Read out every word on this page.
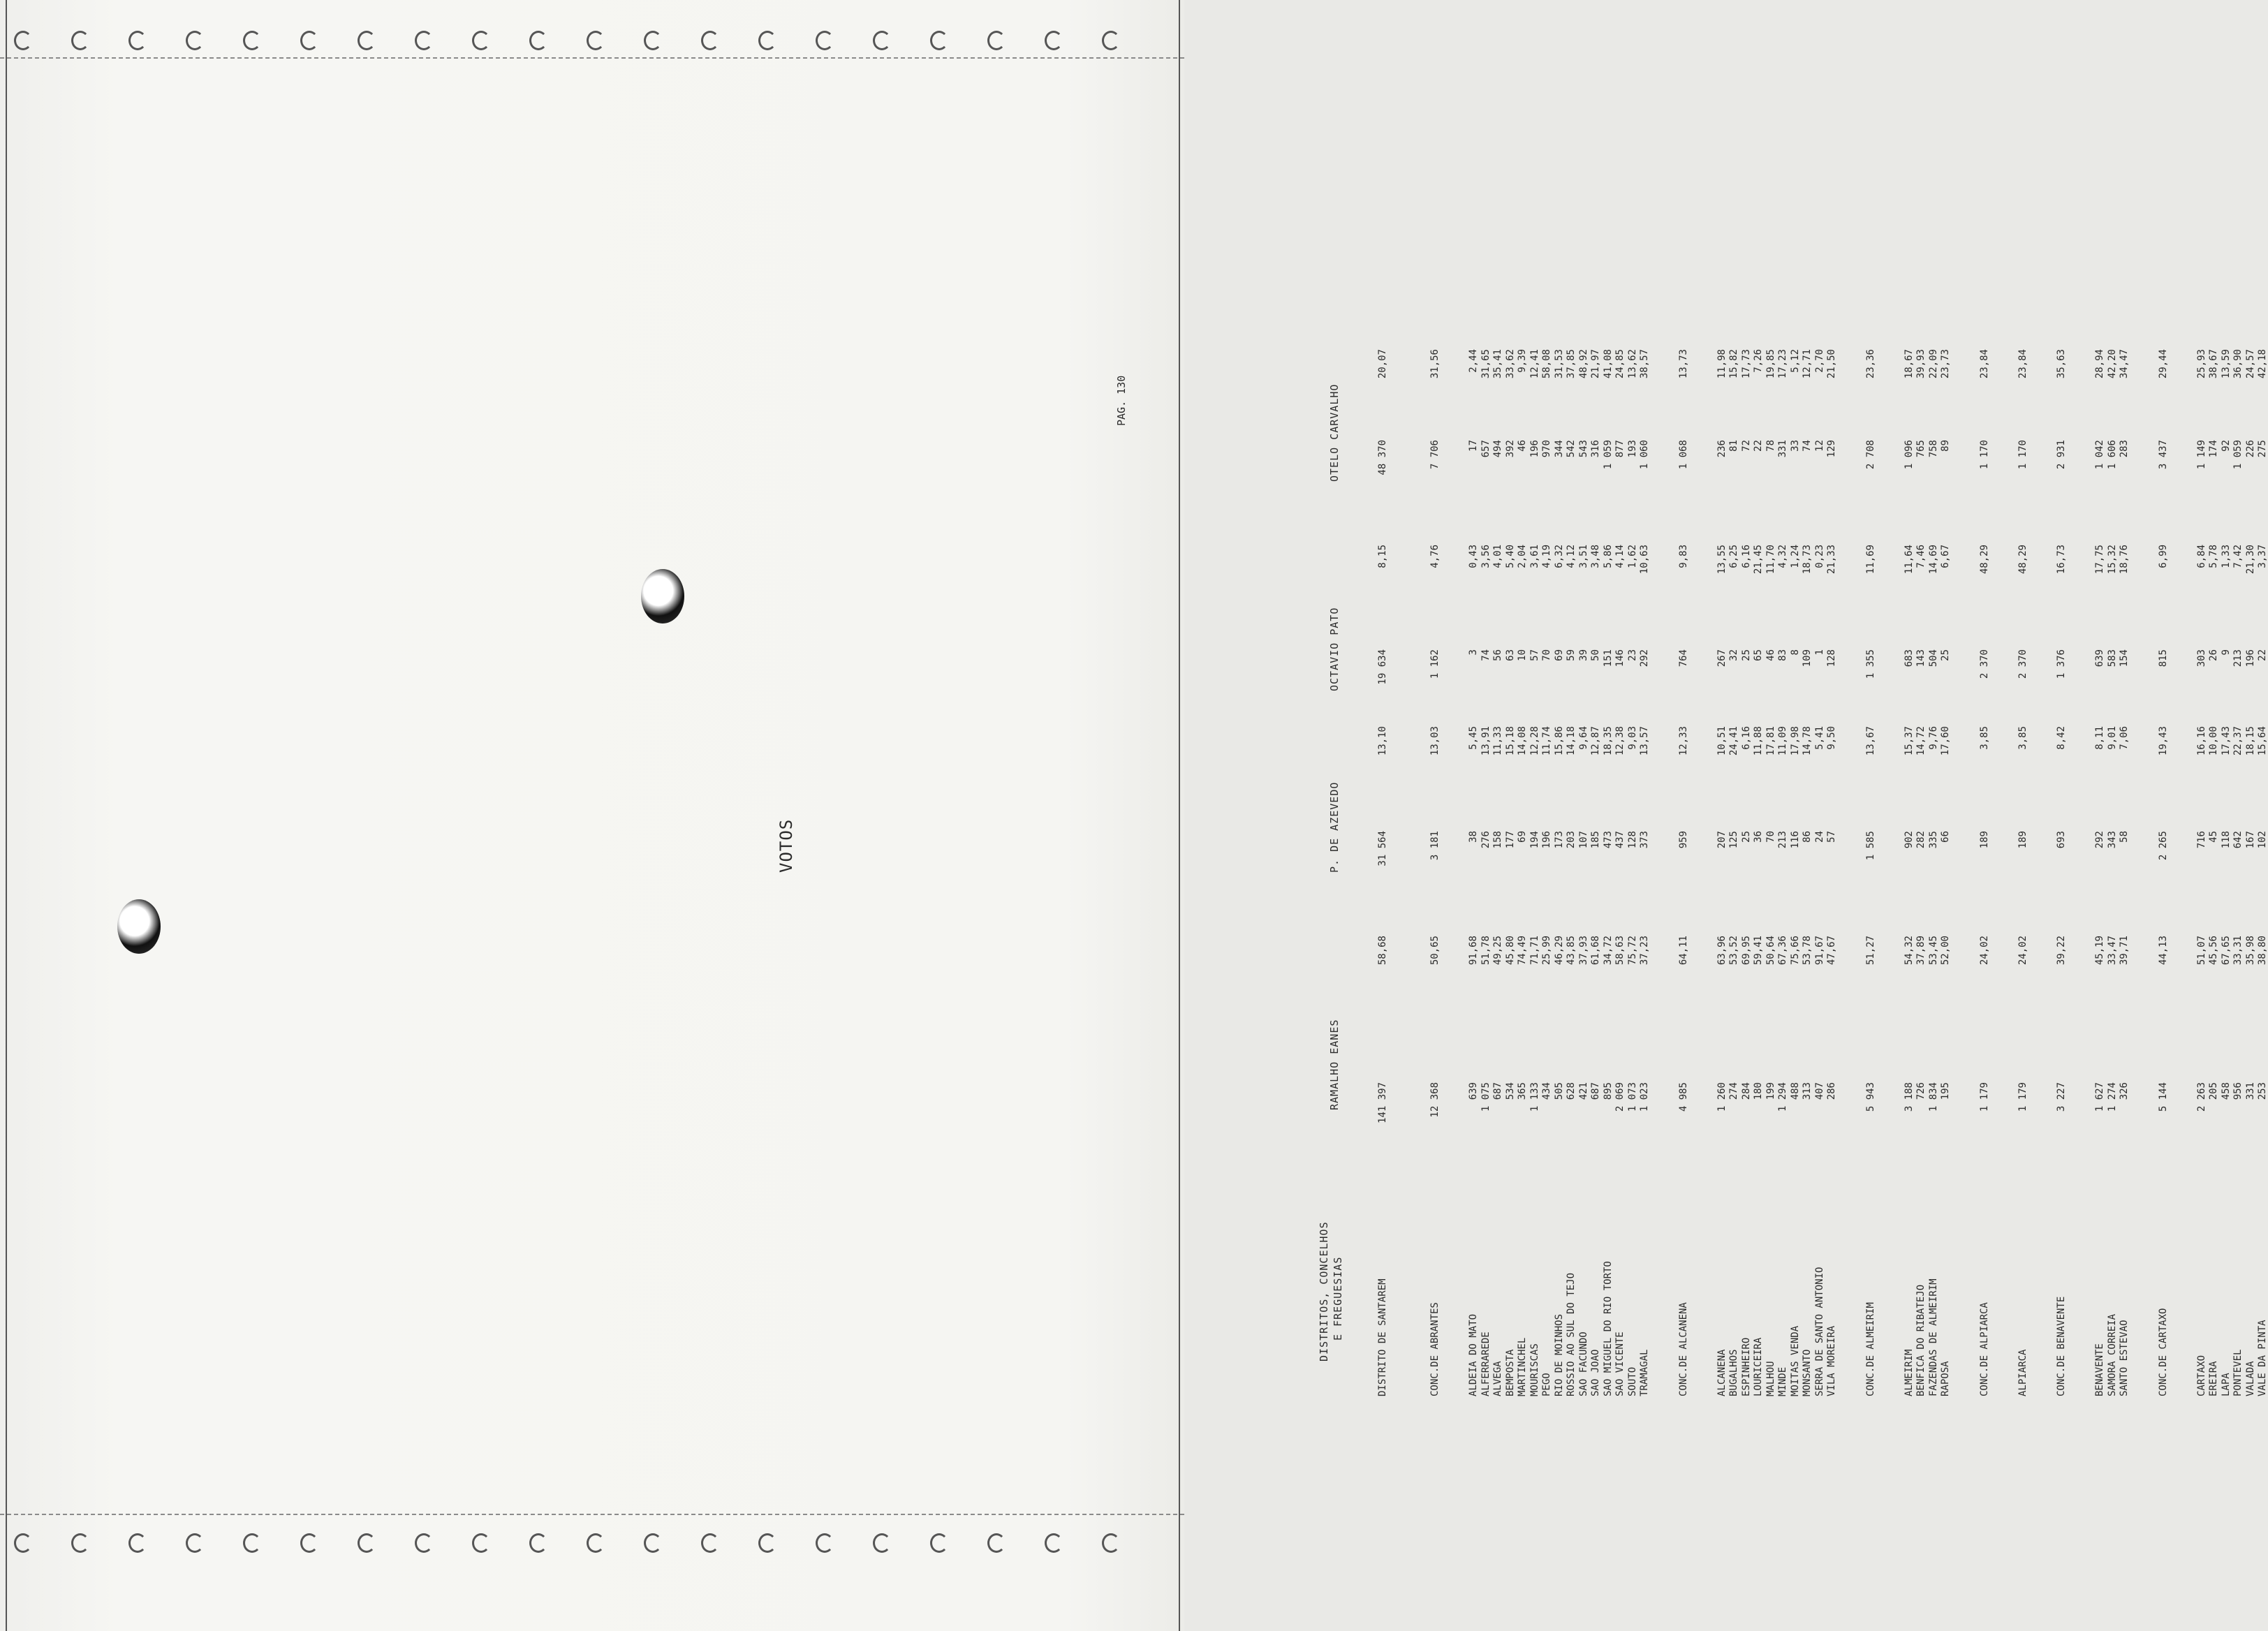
PAG. 130
DISTRITOS, CONCELHOS E FREGUESIAS
VOTOS
RAMALHO EANES
P. DE AZEVEDO
OCTAVIO PATO
OTELO CARVALHO
DISTRITO DE SANTAREM
141 397
58,68
31 564
13,10
19 634
8,15
48 370
20,07
CONC.DE ABRANTES
12 368
50,65
3 181
13,03
1 162
4,76
7 706
31,56
ALDEIA DO MATO
639
91,68
38
5,45
3
0,43
17
2,44
ALFERRAREDE
1 075
51,78
276
13,91
74
3,56
657
31,65
ALVEGA
687
49,25
158
11,33
56
4,01
494
35,41
BEMPOSTA
534
45,80
177
15,18
63
5,40
392
33,62
MARTINCHEL
365
74,49
69
14,08
10
2,04
46
9,39
MOURISCAS
1 133
71,71
194
12,28
57
3,61
196
12,41
PEGO
434
25,99
196
11,74
70
4,19
970
58,08
RIO DE MOINHOS
505
46,29
173
15,86
69
6,32
344
31,53
ROSSIO AO SUL DO TEJO
628
43,85
203
14,18
59
4,12
542
37,85
SAO FACUNDO
421
37,93
107
9,64
39
3,51
543
48,92
SAO JOAO
687
61,68
185
12,87
50
3,48
316
21,97
SAO MIGUEL DO RIO TORTO
895
34,72
473
18,35
151
5,86
1 059
41,08
SAO VICENTE
2 069
58,63
437
12,38
146
4,14
877
24,85
SOUTO
1 073
75,72
128
9,03
23
1,62
193
13,62
TRAMAGAL
1 023
37,23
373
13,57
292
10,63
1 060
38,57
CONC.DE ALCANENA
4 985
64,11
959
12,33
764
9,83
1 068
13,73
ALCANENA
1 260
63,96
207
10,51
267
13,55
236
11,98
BUGALHOS
274
53,52
125
24,41
32
6,25
81
15,82
ESPINHEIRO
284
69,95
25
6,16
25
6,16
72
17,73
LOURICEIRA
180
59,41
36
11,88
65
21,45
22
7,26
MALHOU
199
50,64
70
17,81
46
11,70
78
19,85
MINDE
1 294
67,36
213
11,09
83
4,32
331
17,23
MOITAS VENDA
488
75,66
116
17,98
8
1,24
33
5,12
MONSANTO
313
53,78
86
14,78
109
18,73
74
12,71
SERRA DE SANTO ANTONIO
407
91,67
24
5,41
1
0,23
12
2,70
VILA MOREIRA
286
47,67
57
9,50
128
21,33
129
21,50
CONC.DE ALMEIRIM
5 943
51,27
1 585
13,67
1 355
11,69
2 708
23,36
ALMEIRIM
3 188
54,32
902
15,37
683
11,64
1 096
18,67
BENFICA DO RIBATEJO
726
37,89
282
14,72
143
7,46
765
39,93
FAZENDAS DE ALMEIRIM
1 834
53,45
335
9,76
504
14,69
758
22,09
RAPOSA
195
52,00
66
17,60
25
6,67
89
23,73
CONC.DE ALPIARCA
1 179
24,02
189
3,85
2 370
48,29
1 170
23,84
ALPIARCA
1 179
24,02
189
3,85
2 370
48,29
1 170
23,84
CONC.DE BENAVENTE
3 227
39,22
693
8,42
1 376
16,73
2 931
35,63
BENAVENTE
1 627
45,19
292
8,11
639
17,75
1 042
28,94
SAMORA CORREIA
1 274
33,47
343
9,01
583
15,32
1 606
42,20
SANTO ESTEVAO
326
39,71
58
7,06
154
18,76
283
34,47
CONC.DE CARTAXO
5 144
44,13
2 265
19,43
815
6,99
3 437
29,44
CARTAXO
2 263
51,07
716
16,16
303
6,84
1 149
25,93
EREIRA
205
45,56
45
10,00
26
5,78
174
38,67
LAPA
458
67,65
118
17,43
9
1,33
92
13,59
PONTEVEL
956
33,31
642
22,37
213
7,42
1 059
36,90
VALADA
331
35,98
167
18,15
196
21,30
226
24,57
VALE DA PINTA
253
38,80
102
15,64
22
3,37
275
42,18
